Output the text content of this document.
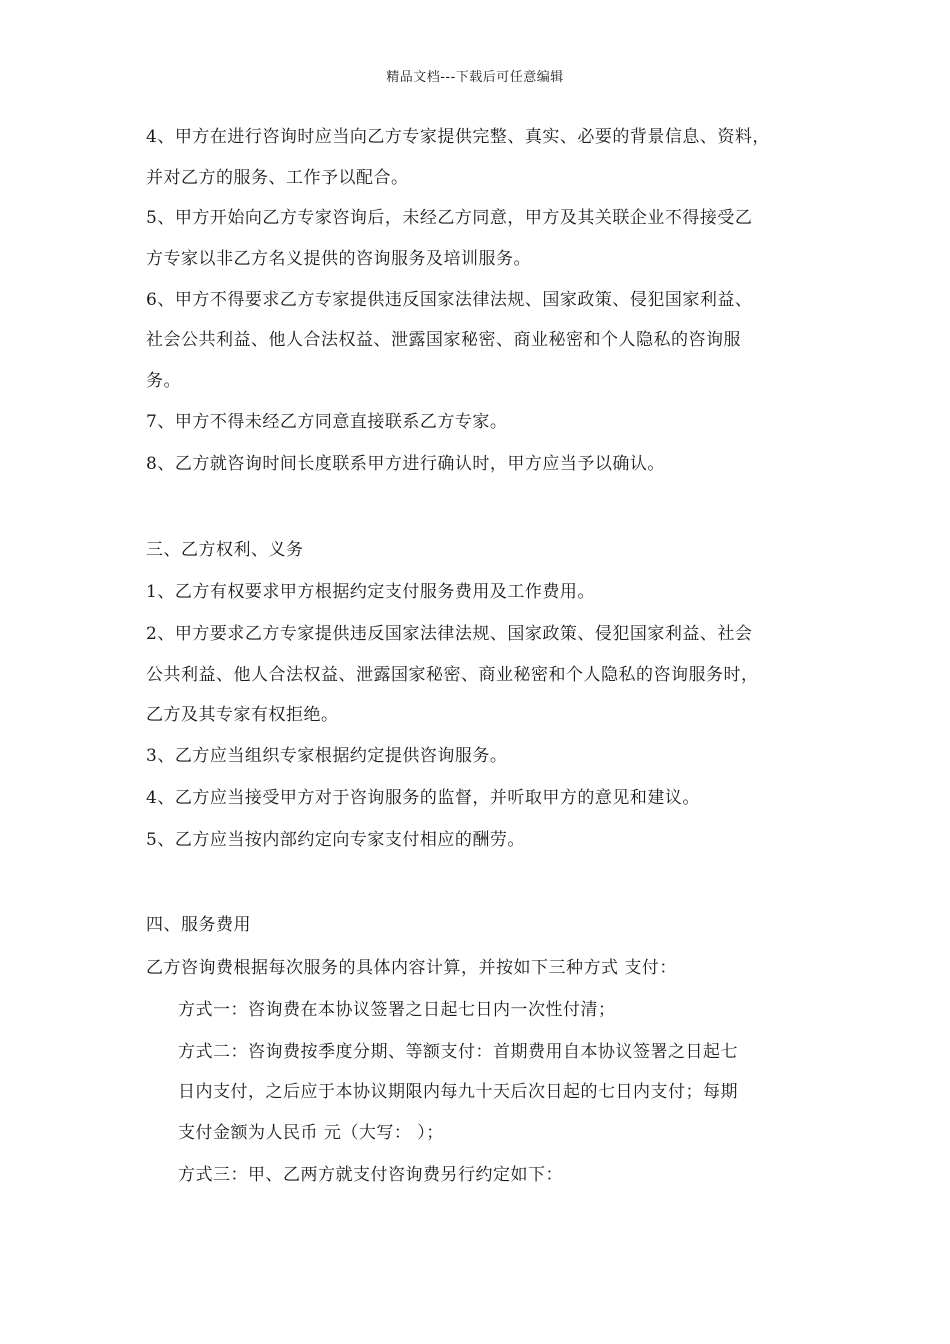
精品文档---下载后可任意编辑
4、甲方在进行咨询时应当向乙方专家提供完整、真实、必要的背景信息、资料，
并对乙方的服务、工作予以配合。
5、甲方开始向乙方专家咨询后，未经乙方同意，甲方及其关联企业不得接受乙
方专家以非乙方名义提供的咨询服务及培训服务。
6、甲方不得要求乙方专家提供违反国家法律法规、国家政策、侵犯国家利益、
社会公共利益、他人合法权益、泄露国家秘密、商业秘密和个人隐私的咨询服
务。
7、甲方不得未经乙方同意直接联系乙方专家。
8、乙方就咨询时间长度联系甲方进行确认时，甲方应当予以确认。
三、乙方权利、义务
1、乙方有权要求甲方根据约定支付服务费用及工作费用。
2、甲方要求乙方专家提供违反国家法律法规、国家政策、侵犯国家利益、社会
公共利益、他人合法权益、泄露国家秘密、商业秘密和个人隐私的咨询服务时，
乙方及其专家有权拒绝。
3、乙方应当组织专家根据约定提供咨询服务。
4、乙方应当接受甲方对于咨询服务的监督，并听取甲方的意见和建议。
5、乙方应当按内部约定向专家支付相应的酬劳。
四、服务费用
乙方咨询费根据每次服务的具体内容计算，并按如下三种方式 支付：
方式一：咨询费在本协议签署之日起七日内一次性付清；
方式二：咨询费按季度分期、等额支付：首期费用自本协议签署之日起七
日内支付，之后应于本协议期限内每九十天后次日起的七日内支付；每期
支付金额为人民币 元（大写： ）；
方式三：甲、乙两方就支付咨询费另行约定如下：
